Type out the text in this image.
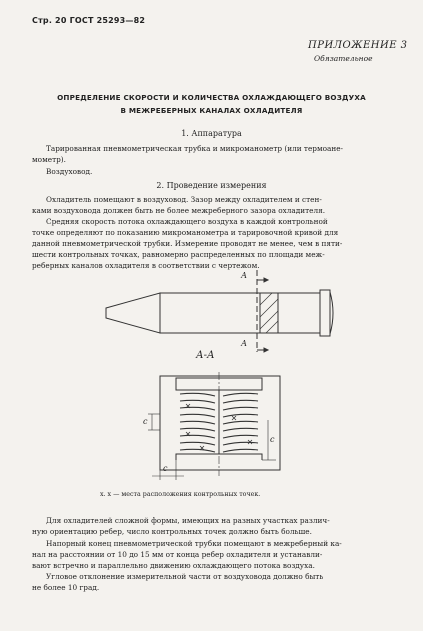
Стр. 20 ГОСТ 25293—82
ПРИЛОЖЕНИЕ 3
Обязательное
ОПРЕДЕЛЕНИЕ СКОРОСТИ И КОЛИЧЕСТВА ОХЛАЖДАЮЩЕГО ВОЗДУХА
В МЕЖРЕБЕРНЫХ КАНАЛАХ ОХЛАДИТЕЛЯ
1. Аппаратура
Тарированная пневмометрическая трубка и микроманометр (или термоане-
мометр).
Воздуховод.
2. Проведение измерения
Охладитель помещают в воздуховод. Зазор между охладителем и стен-
ками воздуховода должен быть не более межреберного зазора охладителя.
Средняя скорость потока охлаждающего воздуха в каждой контрольной
точке определяют по показанию микроманометра и тарировочной кривой для
данной пневмометрической трубки. Измерение проводят не менее, чем в пяти-
шести контрольных точках, равномерно распределенных по площади меж-
реберных каналов охладителя в соответствии с чертежом.
А
А
А-А
с
с
с
х. х — места расположения контрольных точек.
Для охладителей сложной формы, имеющих на разных участках различ-
ную ориентацию ребер, число контрольных точек должно быть больше.
Напорный конец пневмометрической трубки помещают в межреберный ка-
нал на расстоянии от 10 до 15 мм от конца ребер охладителя и устанавли-
вают встречно и параллельно движению охлаждающего потока воздуха.
Угловое отклонение измерительной части от воздуховода должно быть
не более 10 град.
